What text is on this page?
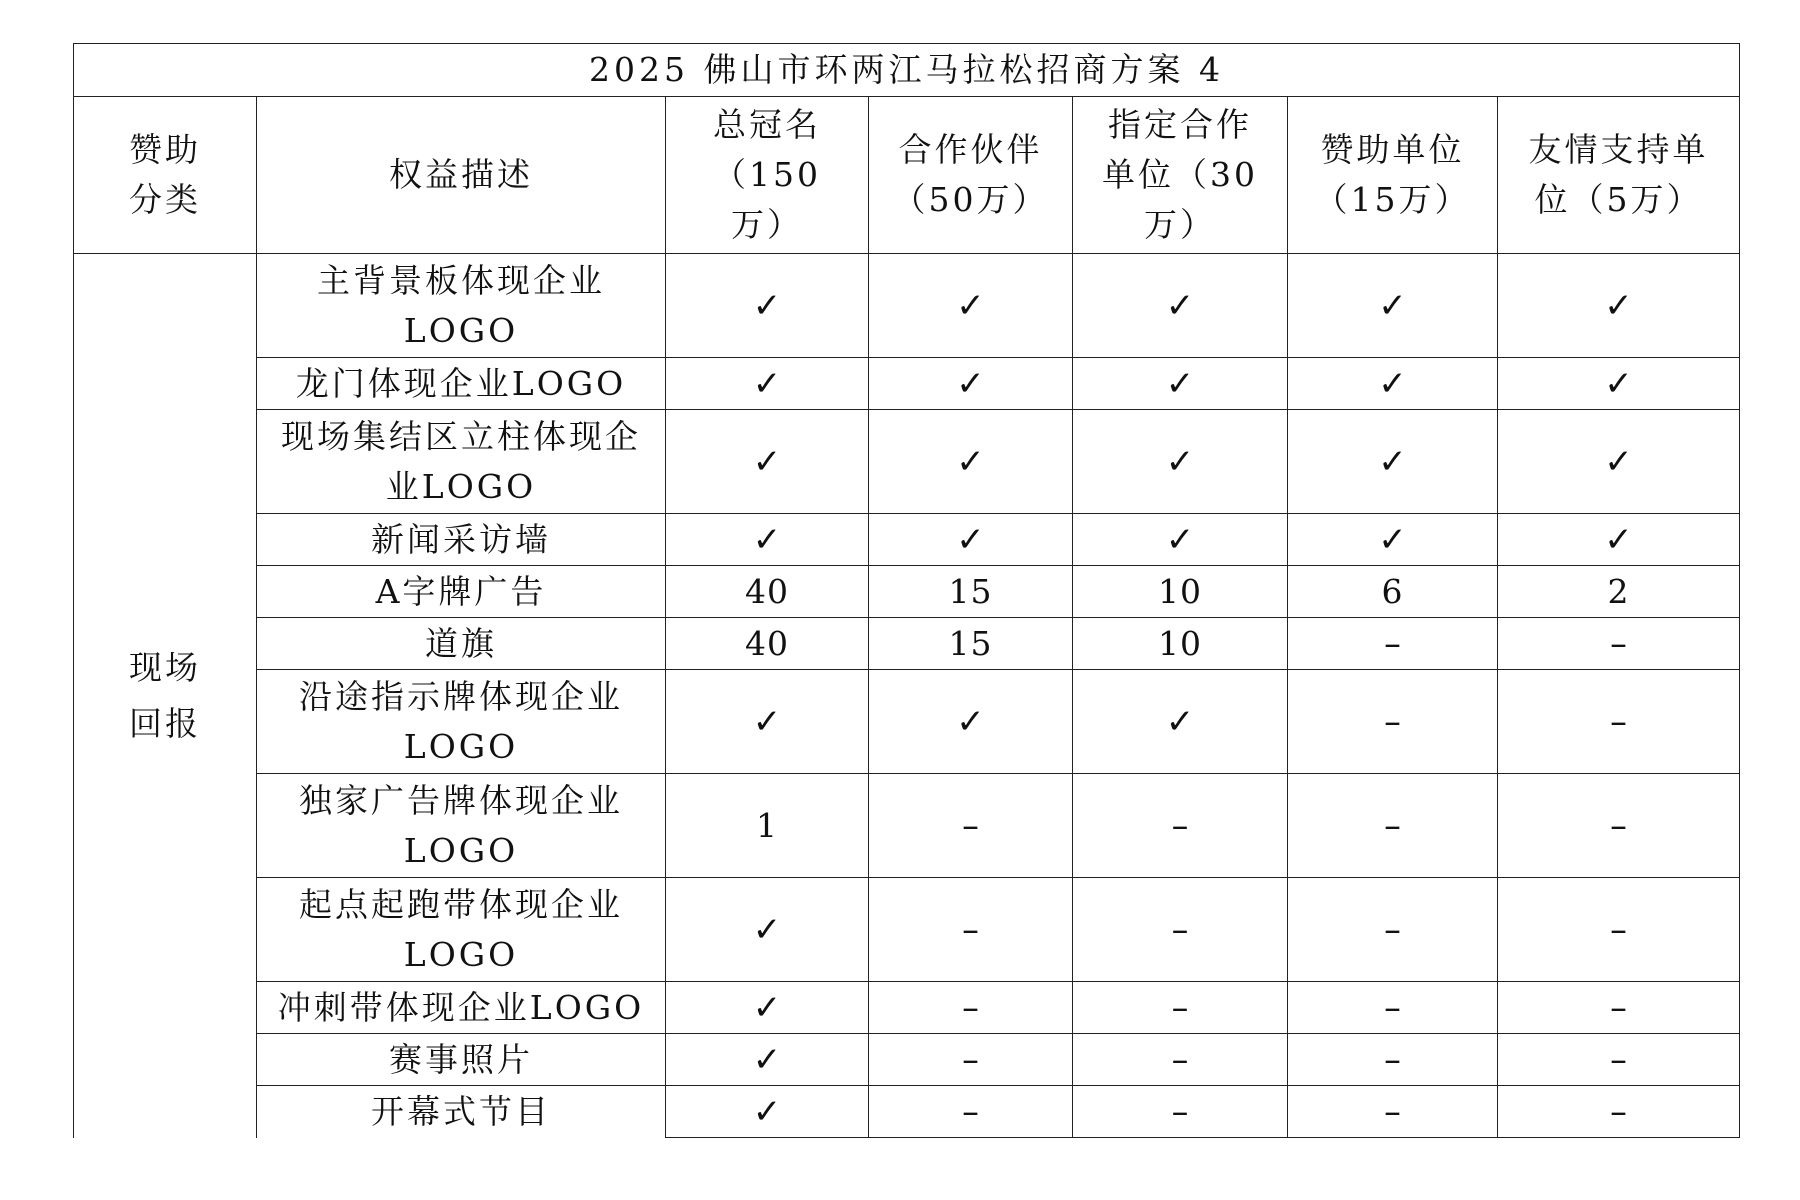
2025 佛山市环两江马拉松招商方案 4						
赞助分类	权益描述	总冠名（150万）	合作伙伴（50万）	指定合作单位（30万）	赞助单位（15万）	友情支持单位（5万）
现场回报	主背景板体现企业LOGO	✓	✓	✓	✓	✓
	龙门体现企业LOGO	✓	✓	✓	✓	✓
	现场集结区立柱体现企业LOGO	✓	✓	✓	✓	✓
	新闻采访墙	✓	✓	✓	✓	✓
	A字牌广告	40	15	10	6	2
	道旗	40	15	10	–	–
	沿途指示牌体现企业LOGO	✓	✓	✓	–	–
	独家广告牌体现企业LOGO	1	–	–	–	–
	起点起跑带体现企业LOGO	✓	–	–	–	–
	冲刺带体现企业LOGO	✓	–	–	–	–
	赛事照片	✓	–	–	–	–
	开幕式节目	✓	–	–	–	–
